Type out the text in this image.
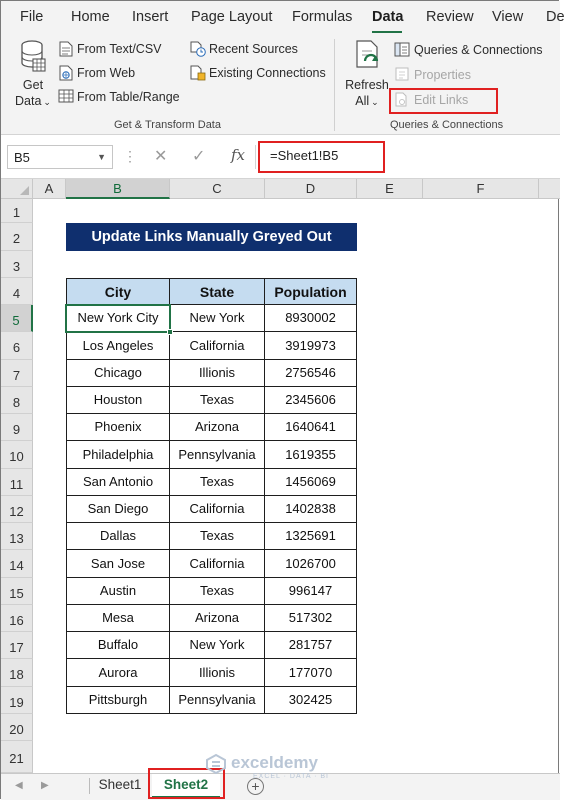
File Home Insert Page Layout Formulas Data Review View De
Get
Data ⌄
From Text/CSV
From Web
From Table/Range
Recent Sources
Existing Connections
Get & Transform Data
Refresh
All ⌄
Queries & Connections
Properties
Edit Links
Queries & Connections
B5	▼ ⋮ ✕ ✓ fx =Sheet1!B5
A	B	C	D	E	F
1
2
3
4
5
6
7
8
9
10
11
12
13
14
15
16
17
18
19
20
21
City	State	Population
New York City	New York	8930002
Los Angeles	California	3919973
Chicago	Illionis	2756546
Houston	Texas	2345606
Phoenix	Arizona	1640641
Philadelphia	Pennsylvania	1619355
San Antonio	Texas	1456069
San Diego	California	1402838
Dallas	Texas	1325691
San Jose	California	1026700
Austin	Texas	996147
Mesa	Arizona	517302
Buffalo	New York	281757
Aurora	Illionis	177070
Pittsburgh	Pennsylvania	302425
Update Links Manually Greyed Out
◀ ▶	Sheet1	Sheet2	+
exceldemy
EXCEL · DATA · BI
